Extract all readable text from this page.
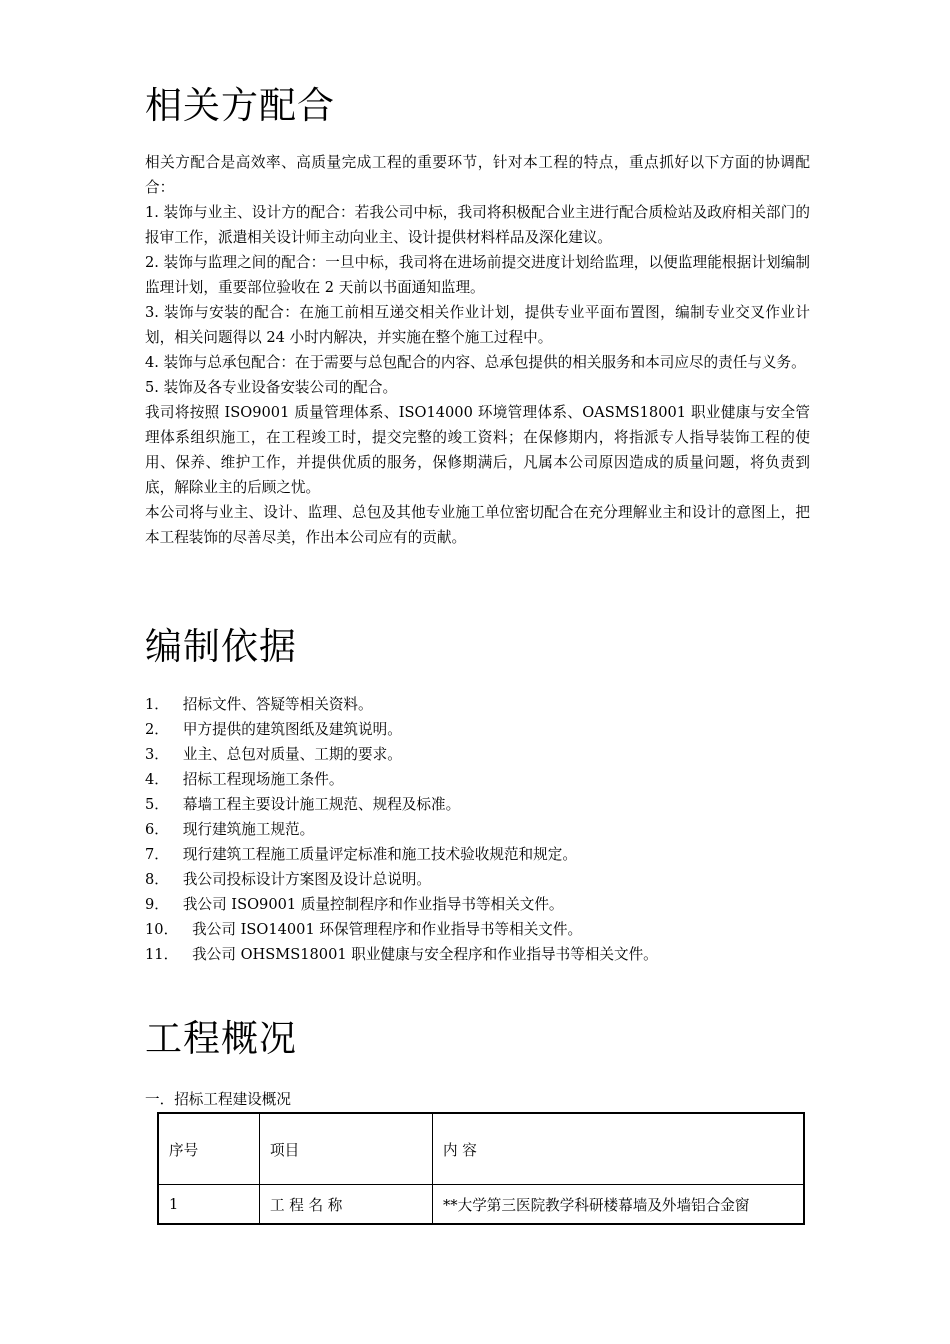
相关方配合

相关方配合是高效率、高质量完成工程的重要环节，针对本工程的特点，重点抓好以下方面的协调配合：

1. 装饰与业主、设计方的配合：若我公司中标，我司将积极配合业主进行配合质检站及政府相关部门的报审工作，派遣相关设计师主动向业主、设计提供材料样品及深化建议。

2. 装饰与监理之间的配合：一旦中标，我司将在进场前提交进度计划给监理，以便监理能根据计划编制监理计划，重要部位验收在 2 天前以书面通知监理。

3. 装饰与安装的配合：在施工前相互递交相关作业计划，提供专业平面布置图，编制专业交叉作业计划，相关问题得以 24 小时内解决，并实施在整个施工过程中。

4. 装饰与总承包配合：在于需要与总包配合的内容、总承包提供的相关服务和本司应尽的责任与义务。

5. 装饰及各专业设备安装公司的配合。

我司将按照 ISO9001 质量管理体系、ISO14000 环境管理体系、OASMS18001 职业健康与安全管理体系组织施工，在工程竣工时，提交完整的竣工资料；在保修期内，将指派专人指导装饰工程的使用、保养、维护工作，并提供优质的服务，保修期满后，凡属本公司原因造成的质量问题，将负责到底，解除业主的后顾之忧。

本公司将与业主、设计、监理、总包及其他专业施工单位密切配合在充分理解业主和设计的意图上，把本工程装饰的尽善尽美，作出本公司应有的贡献。

编制依据
1． 招标文件、答疑等相关资料。
2． 甲方提供的建筑图纸及建筑说明。
3． 业主、总包对质量、工期的要求。
4． 招标工程现场施工条件。
5． 幕墙工程主要设计施工规范、规程及标准。
6． 现行建筑施工规范。
7． 现行建筑工程施工质量评定标准和施工技术验收规范和规定。
8． 我公司投标设计方案图及设计总说明。
9． 我公司 ISO9001 质量控制程序和作业指导书等相关文件。
10． 我公司 ISO14001 环保管理程序和作业指导书等相关文件。
11． 我公司 OHSMS18001 职业健康与安全程序和作业指导书等相关文件。
工程概况
一．招标工程建设概况
序号	项目	内 容
1	工 程 名 称	**大学第三医院教学科研楼幕墙及外墙铝合金窗
